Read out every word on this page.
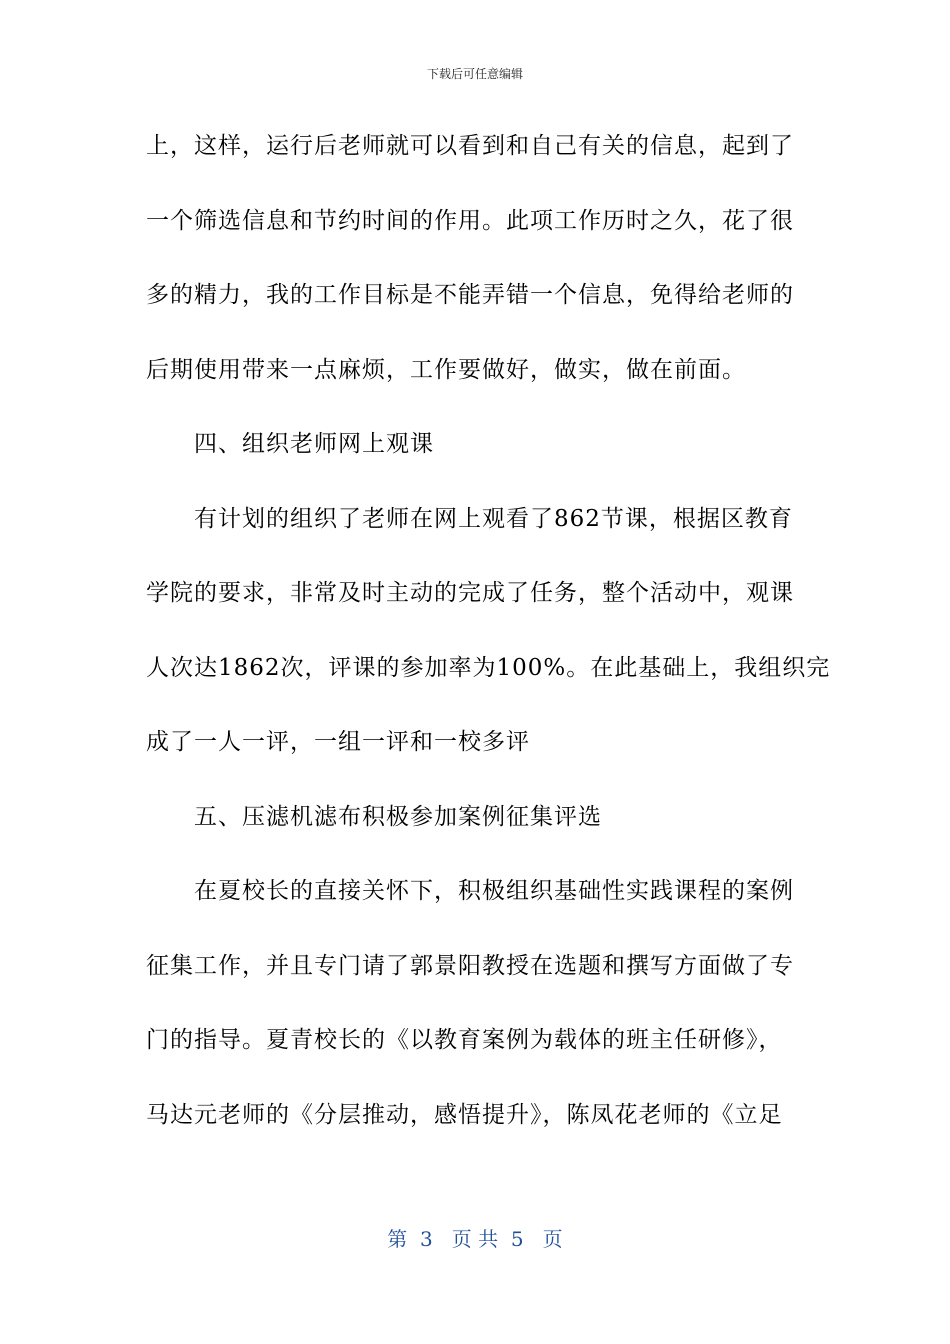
下载后可任意编辑
上，这样，运行后老师就可以看到和自己有关的信息，起到了
一个筛选信息和节约时间的作用。此项工作历时之久，花了很
多的精力，我的工作目标是不能弄错一个信息，免得给老师的
后期使用带来一点麻烦，工作要做好，做实，做在前面。
四、组织老师网上观课
有计划的组织了老师在网上观看了862节课，根据区教育
学院的要求，非常及时主动的完成了任务，整个活动中，观课
人次达1862次，评课的参加率为100%。在此基础上，我组织完
成了一人一评，一组一评和一校多评
五、压滤机滤布积极参加案例征集评选
在夏校长的直接关怀下，积极组织基础性实践课程的案例
征集工作，并且专门请了郭景阳教授在选题和撰写方面做了专
门的指导。夏青校长的《以教育案例为载体的班主任研修》，
马达元老师的《分层推动，感悟提升》，陈凤花老师的《立足
第  3   页 共  5   页
